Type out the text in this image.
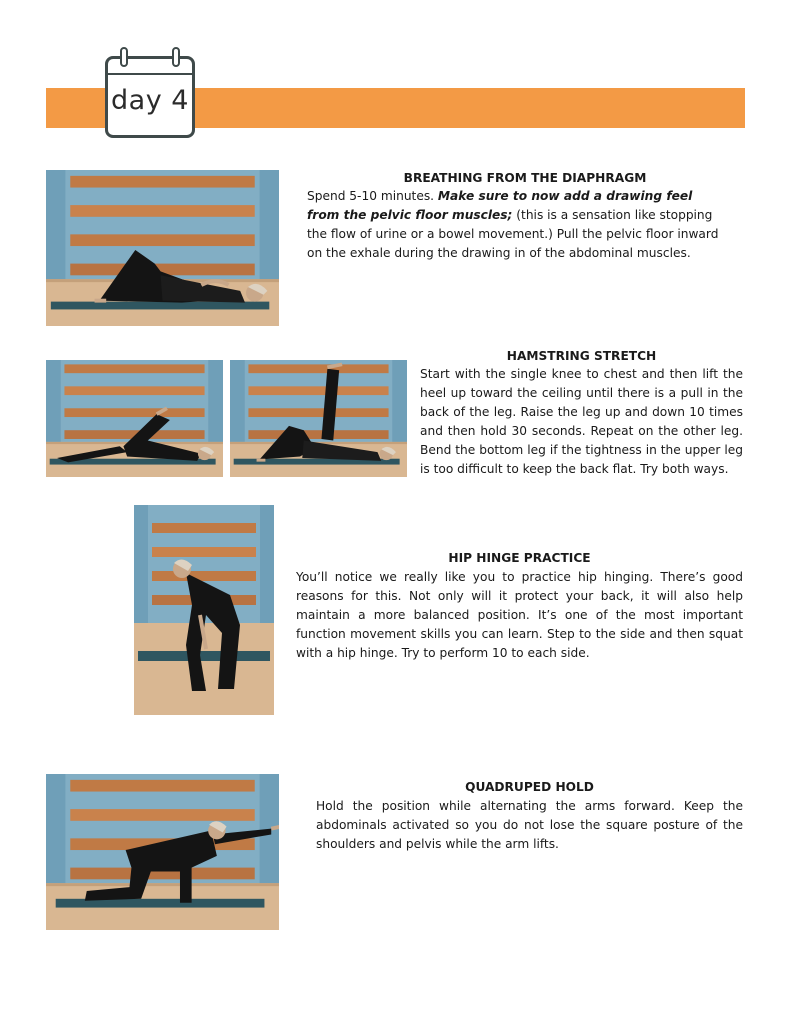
day 4
BREATHING FROM THE DIAPHRAGM
Spend 5-10 minutes. Make sure to now add a drawing feel from the pelvic floor muscles; (this is a sensation like stopping the flow of urine or a bowel movement.) Pull the pelvic floor inward on the exhale during the drawing in of the abdominal muscles.
HAMSTRING STRETCH
Start with the single knee to chest and then lift the heel up toward the ceiling until there is a pull in the back of the leg. Raise the leg up and down 10 times and then hold 30 seconds. Repeat on the other leg. Bend the bottom leg if the tightness in the upper leg is too difficult to keep the back flat. Try both ways.
HIP HINGE PRACTICE
You’ll notice we really like you to practice hip hinging. There’s good reasons for this. Not only will it protect your back, it will also help maintain a more balanced position. It’s one of the most important function movement skills you can learn. Step to the side and then squat with a hip hinge. Try to perform 10 to each side.
QUADRUPED HOLD
Hold the position while alternating the arms forward. Keep the abdominals activated so you do not lose the square posture of the shoulders and pelvis while the arm lifts.
